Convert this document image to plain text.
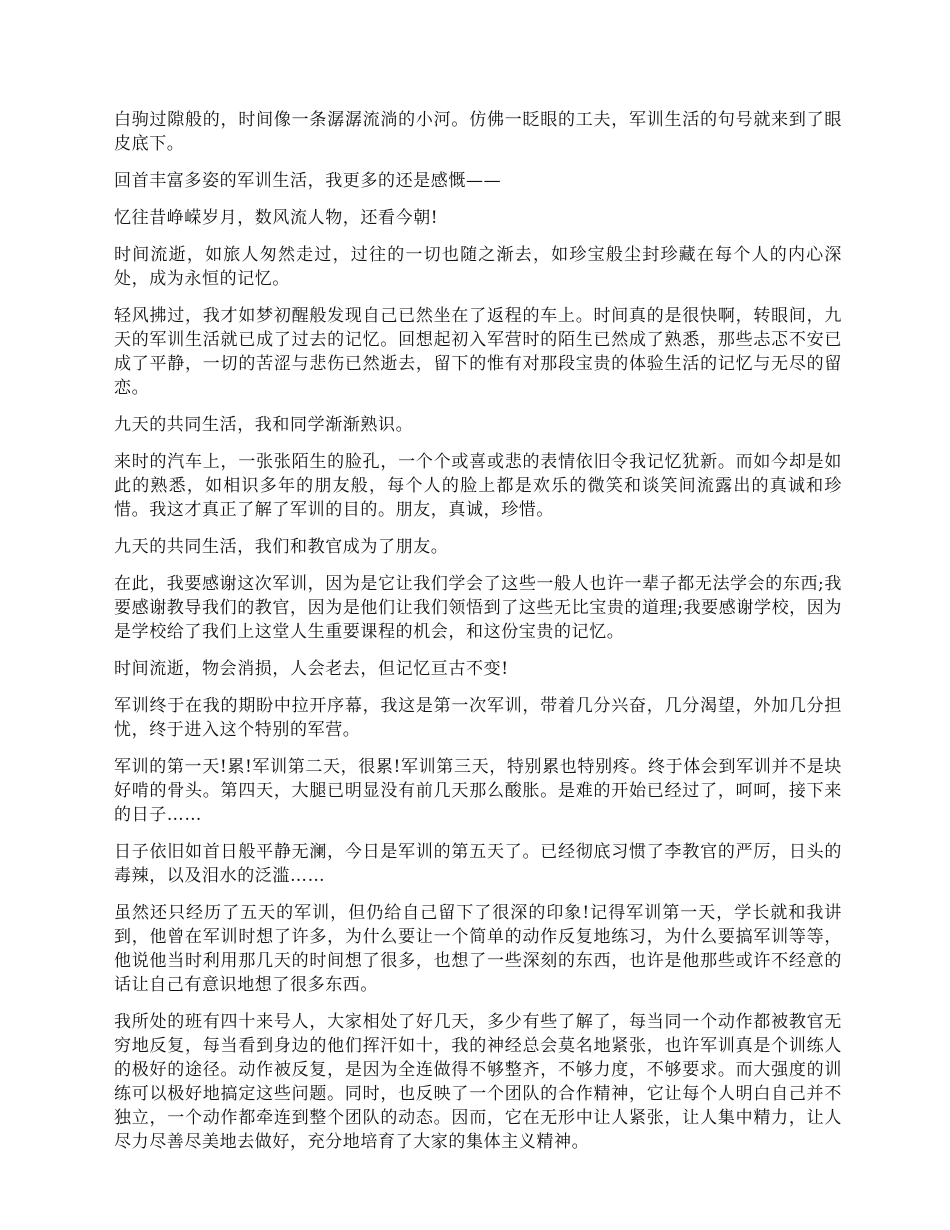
白驹过隙般的，时间像一条潺潺流淌的小河。仿佛一眨眼的工夫，军训生活的句号就来到了眼皮底下。

回首丰富多姿的军训生活，我更多的还是感慨——

忆往昔峥嵘岁月，数风流人物，还看今朝!

时间流逝，如旅人匆然走过，过往的一切也随之渐去，如珍宝般尘封珍藏在每个人的内心深处，成为永恒的记忆。

轻风拂过，我才如梦初醒般发现自己已然坐在了返程的车上。时间真的是很快啊，转眼间，九天的军训生活就已成了过去的记忆。回想起初入军营时的陌生已然成了熟悉，那些忐忑不安已成了平静，一切的苦涩与悲伤已然逝去，留下的惟有对那段宝贵的体验生活的记忆与无尽的留恋。

九天的共同生活，我和同学渐渐熟识。

来时的汽车上，一张张陌生的脸孔，一个个或喜或悲的表情依旧令我记忆犹新。而如今却是如此的熟悉，如相识多年的朋友般，每个人的脸上都是欢乐的微笑和谈笑间流露出的真诚和珍惜。我这才真正了解了军训的目的。朋友，真诚，珍惜。

九天的共同生活，我们和教官成为了朋友。

在此，我要感谢这次军训，因为是它让我们学会了这些一般人也许一辈子都无法学会的东西;我要感谢教导我们的教官，因为是他们让我们领悟到了这些无比宝贵的道理;我要感谢学校，因为是学校给了我们上这堂人生重要课程的机会，和这份宝贵的记忆。

时间流逝，物会消损，人会老去，但记忆亘古不变!

军训终于在我的期盼中拉开序幕，我这是第一次军训，带着几分兴奋，几分渴望，外加几分担忧，终于进入这个特别的军营。

军训的第一天!累!军训第二天，很累!军训第三天，特别累也特别疼。终于体会到军训并不是块好啃的骨头。第四天，大腿已明显没有前几天那么酸胀。是难的开始已经过了，呵呵，接下来的日子……

日子依旧如首日般平静无澜，今日是军训的第五天了。已经彻底习惯了李教官的严厉，日头的毒辣，以及泪水的泛滥……

虽然还只经历了五天的军训，但仍给自己留下了很深的印象!记得军训第一天，学长就和我讲到，他曾在军训时想了许多，为什么要让一个简单的动作反复地练习，为什么要搞军训等等，他说他当时利用那几天的时间想了很多，也想了一些深刻的东西，也许是他那些或许不经意的话让自己有意识地想了很多东西。

我所处的班有四十来号人，大家相处了好几天，多少有些了解了，每当同一个动作都被教官无穷地反复，每当看到身边的他们挥汗如十，我的神经总会莫名地紧张，也许军训真是个训练人的极好的途径。动作被反复，是因为全连做得不够整齐，不够力度，不够要求。而大强度的训练可以极好地搞定这些问题。同时，也反映了一个团队的合作精神，它让每个人明白自己并不独立，一个动作都牵连到整个团队的动态。因而，它在无形中让人紧张，让人集中精力，让人尽力尽善尽美地去做好，充分地培育了大家的集体主义精神。
